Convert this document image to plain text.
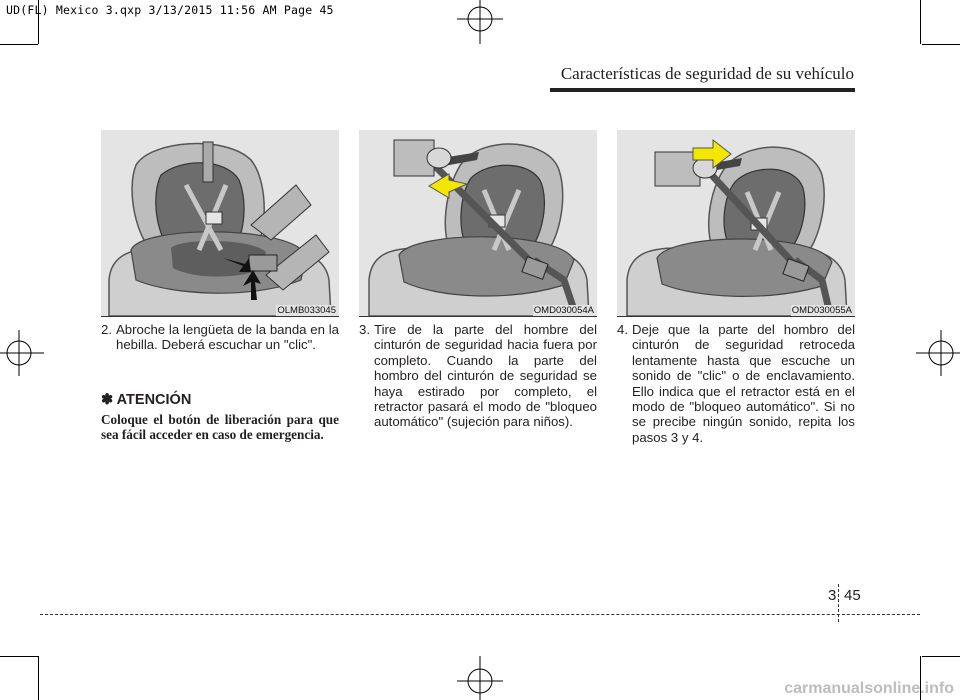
UD(FL) Mexico 3.qxp 3/13/2015 11:56 AM Page 45
Características de seguridad de su vehículo
OLMB033045	OMD030054A	OMD030055A
2. Abroche la lengüeta de la banda en la hebilla. Deberá escuchar un "clic".
3. Tire de la parte del hombre del cinturón de seguridad hacia fuera por completo. Cuando la parte del hombro del cinturón de seguridad se haya estirado por completo, el retractor pasará el modo de "bloqueo automático" (sujeción para niños).
4. Deje que la parte del hombro del cinturón de seguridad retroceda lentamente hasta que escuche un sonido de "clic" o de enclavamiento. Ello indica que el retractor está en el modo de "bloqueo automático". Si no se precibe ningún sonido, repita los pasos 3 y 4.
✽ ATENCIÓN
Coloque el botón de liberación para que sea fácil acceder en caso de emergencia.
3 45
carmanualsonline.info
